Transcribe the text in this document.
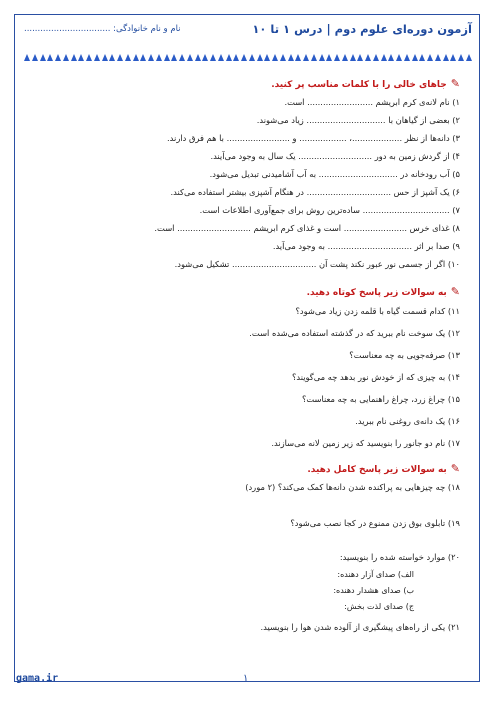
آزمون دوره‌ای علوم دوم | درس ۱ تا ۱۰
نام و نام خانوادگی: ................................
✎جاهای خالی را با کلمات مناسب پر کنید.
۱) نام لانه‌ی کرم ابریشم ......................... است.
۲) بعضی از گیاهان با .............................. زیاد می‌شوند.
۳) دانه‌ها از نظر ...................، .................. و ........................ با هم فرق دارند.
۴) از گردش زمین به دور ............................ یک سال به وجود می‌آیند.
۵) آب رودخانه در .............................. به آب آشامیدنی تبدیل می‌شود.
۶) یک آشپز از حس ................................ در هنگام آشپزی بیشتر استفاده می‌کند.
۷) ................................. ساده‌ترین روش برای جمع‌آوری اطلاعات است.
۸) غذای خرس ........................ است و غذای کرم ابریشم ............................ است.
۹) صدا بر اثر ................................ به وجود می‌آید.
۱۰) اگر از جسمی نور عبور نکند پشت آن ................................ تشکیل می‌شود.
✎به سوالات زیر پاسخ کوتاه دهید.
۱۱) کدام قسمت گیاه با قلمه زدن زیاد می‌شود؟
۱۲) یک سوخت نام ببرید که در گذشته استفاده می‌شده است.
۱۳) صرفه‌جویی به چه معناست؟
۱۴) به چیزی که از خودش نور بدهد چه می‌گویند؟
۱۵) چراغ زرد، چراغ راهنمایی به چه معناست؟
۱۶) یک دانه‌ی روغنی نام ببرید.
۱۷) نام دو جانور را بنویسید که زیر زمین لانه می‌سازند.
✎به سوالات زیر پاسخ کامل دهید.
۱۸) چه چیزهایی به پراکنده شدن دانه‌ها کمک می‌کند؟ (۲ مورد)
۱۹) تابلوی بوق زدن ممنوع در کجا نصب می‌شود؟
۲۰) موارد خواسته شده را بنویسید:
الف) صدای آزار دهنده:
ب) صدای هشدار دهنده:
ج) صدای لذت بخش:
gama.ir	۱
۲۱) یکی از راه‌های پیشگیری از آلوده شدن هوا را بنویسید.
